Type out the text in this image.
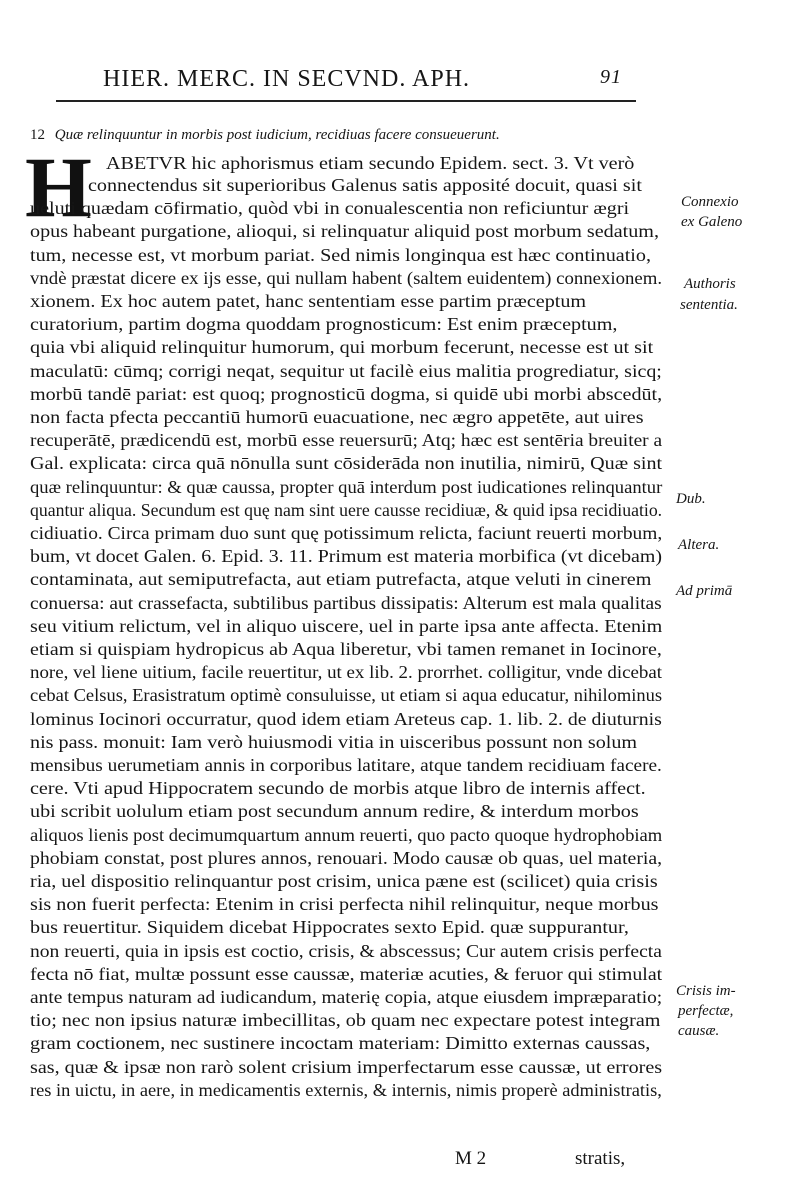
HIER. MERC. IN SECVND. APH.	91
12 Quæ relinquuntur in morbis post iudicium, recidiuas facere consueuerunt.
H ABETVR hic aphorismus etiam secundo Epidem. sect. 3. Vt verò
connectendus sit superioribus Galenus satis apposité docuit, quasi sit
ueluti quædam cōfirmatio, quòd vbi in conualescentia non reficiuntur ægri
opus habeant purgatione, alioqui, si relinquatur aliquid post morbum sedatum,
tum, necesse est, vt morbum pariat. Sed nimis longinqua est hæc continuatio,
vndè præstat dicere ex ijs esse, qui nullam habent (saltem euidentem) connexionem.
xionem. Ex hoc autem patet, hanc sententiam esse partim præceptum
curatorium, partim dogma quoddam prognosticum: Est enim præceptum,
quia vbi aliquid relinquitur humorum, qui morbum fecerunt, necesse est ut sit
maculatū: cūmq; corrigi neqat, sequitur ut facilè eius malitia progrediatur, sicq;
morbū tandē pariat: est quoq; prognosticū dogma, si quidē ubi morbi abscedūt,
non facta pfecta peccantiū humorū euacuatione, nec ægro appetēte, aut uires
recuperātē, prædicendū est, morbū esse reuersurū; Atq; hæc est sentēria breuiter a
Gal. explicata: circa quā nōnulla sunt cōsiderāda non inutilia, nimirū, Quæ sint
quæ relinquuntur: & quæ caussa, propter quā interdum post iudicationes relinquantur
quantur aliqua. Secundum est quę nam sint uere causse recidiuæ, & quid ipsa recidiuatio.
cidiuatio. Circa primam duo sunt quę potissimum relicta, faciunt reuerti morbum,
bum, vt docet Galen. 6. Epid. 3. 11. Primum est materia morbifica (vt dicebam)
contaminata, aut semiputrefacta, aut etiam putrefacta, atque veluti in cinerem
conuersa: aut crassefacta, subtilibus partibus dissipatis: Alterum est mala qualitas
seu vitium relictum, vel in aliquo uiscere, uel in parte ipsa ante affecta. Etenim
etiam si quispiam hydropicus ab Aqua liberetur, vbi tamen remanet in Iocinore,
nore, vel liene uitium, facile reuertitur, ut ex lib. 2. prorrhet. colligitur, vnde dicebat
cebat Celsus, Erasistratum optimè consuluisse, ut etiam si aqua educatur, nihilominus
lominus Iocinori occurratur, quod idem etiam Areteus cap. 1. lib. 2. de diuturnis
nis pass. monuit: Iam verò huiusmodi vitia in uisceribus possunt non solum
mensibus uerumetiam annis in corporibus latitare, atque tandem recidiuam facere.
cere. Vti apud Hippocratem secundo de morbis atque libro de internis affect.
ubi scribit uolulum etiam post secundum annum redire, & interdum morbos
aliquos lienis post decimumquartum annum reuerti, quo pacto quoque hydrophobiam
phobiam constat, post plures annos, renouari. Modo causæ ob quas, uel materia,
ria, uel dispositio relinquantur post crisim, unica pæne est (scilicet) quia crisis
sis non fuerit perfecta: Etenim in crisi perfecta nihil relinquitur, neque morbus
bus reuertitur. Siquidem dicebat Hippocrates sexto Epid. quæ suppurantur,
non reuerti, quia in ipsis est coctio, crisis, & abscessus; Cur autem crisis perfecta
fecta nō fiat, multæ possunt esse caussæ, materiæ acuties, & feruor qui stimulat
ante tempus naturam ad iudicandum, materię copia, atque eiusdem impræparatio;
tio; nec non ipsius naturæ imbecillitas, ob quam nec expectare potest integram
gram coctionem, nec sustinere incoctam materiam: Dimitto externas caussas,
sas, quæ & ipsæ non rarò solent crisium imperfectarum esse caussæ, ut errores
res in uictu, in aere, in medicamentis externis, & internis, nimis properè administratis,
Connexio
ex Galeno
Authoris
sententia.
Dub.
Altera.
Ad primā
Crisis im-
perfectæ,
causæ.
M 2	stratis,
